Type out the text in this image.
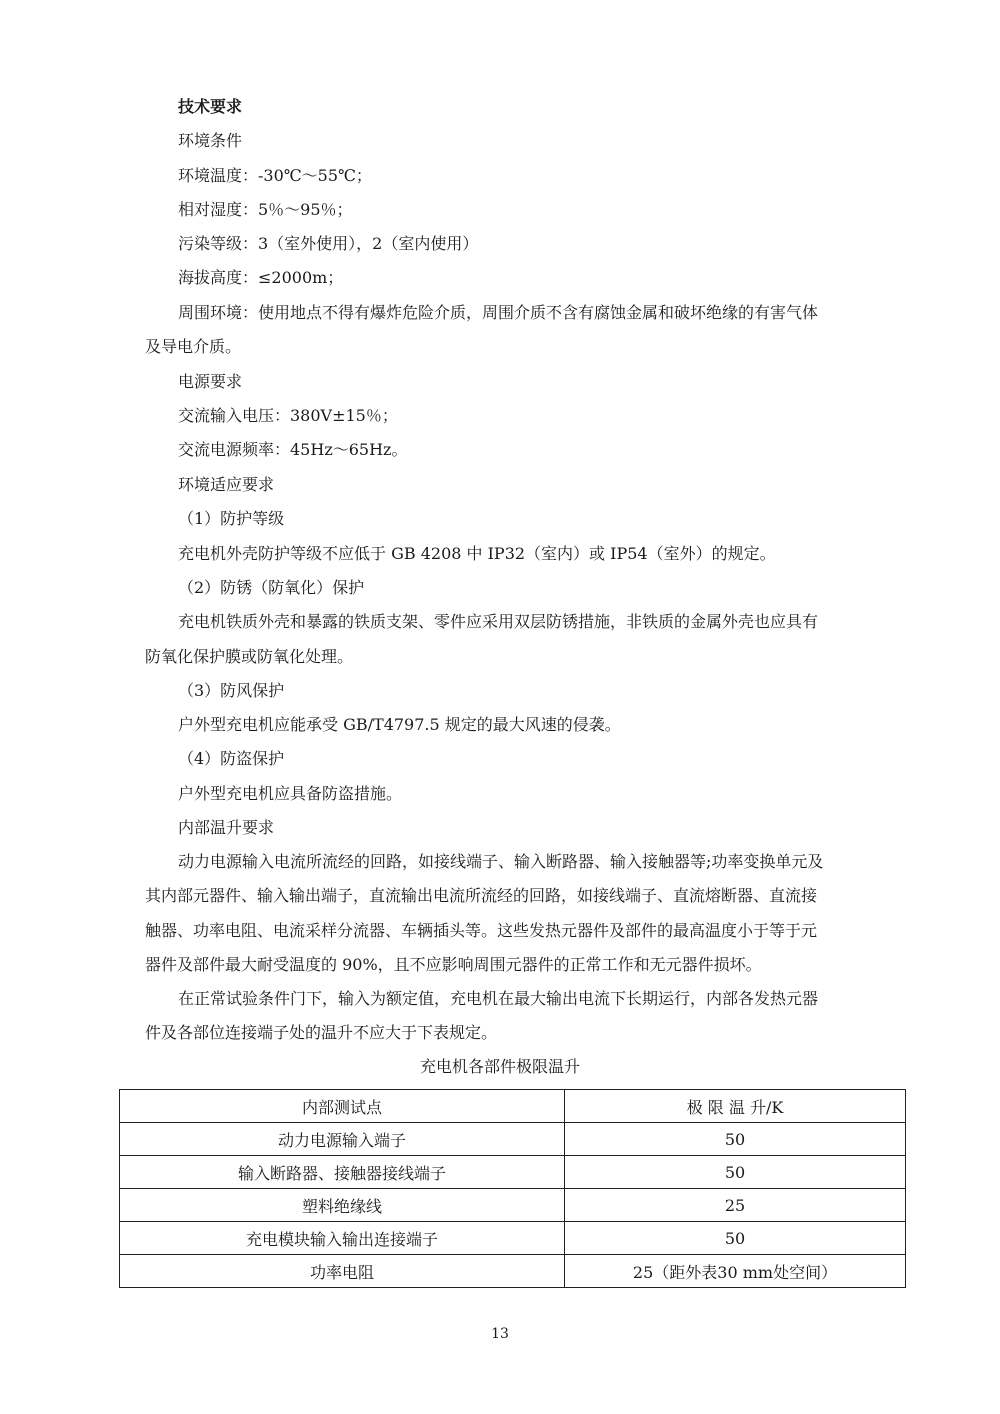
技术要求
环境条件
环境温度：-30℃～55℃；
相对湿度：5％～95％；
污染等级：3（室外使用），2（室内使用）
海拔高度：≤2000m；
周围环境：使用地点不得有爆炸危险介质，周围介质不含有腐蚀金属和破坏绝缘的有害气体
及导电介质。
电源要求
交流输入电压：380V±15％；
交流电源频率：45Hz～65Hz。
环境适应要求
（1）防护等级
充电机外壳防护等级不应低于 GB 4208 中 IP32（室内）或 IP54（室外）的规定。
（2）防锈（防氧化）保护
充电机铁质外壳和暴露的铁质支架、零件应采用双层防锈措施，非铁质的金属外壳也应具有
防氧化保护膜或防氧化处理。
（3）防风保护
户外型充电机应能承受 GB/T4797.5 规定的最大风速的侵袭。
（4）防盗保护
户外型充电机应具备防盗措施。
内部温升要求
动力电源输入电流所流经的回路，如接线端子、输入断路器、输入接触器等;功率变换单元及
其内部元器件、输入输出端子，直流输出电流所流经的回路，如接线端子、直流熔断器、直流接
触器、功率电阻、电流采样分流器、车辆插头等。这些发热元器件及部件的最高温度小于等于元
器件及部件最大耐受温度的 90%，且不应影响周围元器件的正常工作和无元器件损坏。
在正常试验条件门下，输入为额定值，充电机在最大输出电流下长期运行，内部各发热元器
件及各部位连接端子处的温升不应大于下表规定。
充电机各部件极限温升
内部测试点	极 限 温 升/K
动力电源输入端子	50
输入断路器、接触器接线端子	50
塑料绝缘线	25
充电模块输入输出连接端子	50
功率电阻	25（距外表30 mm处空间）
13
